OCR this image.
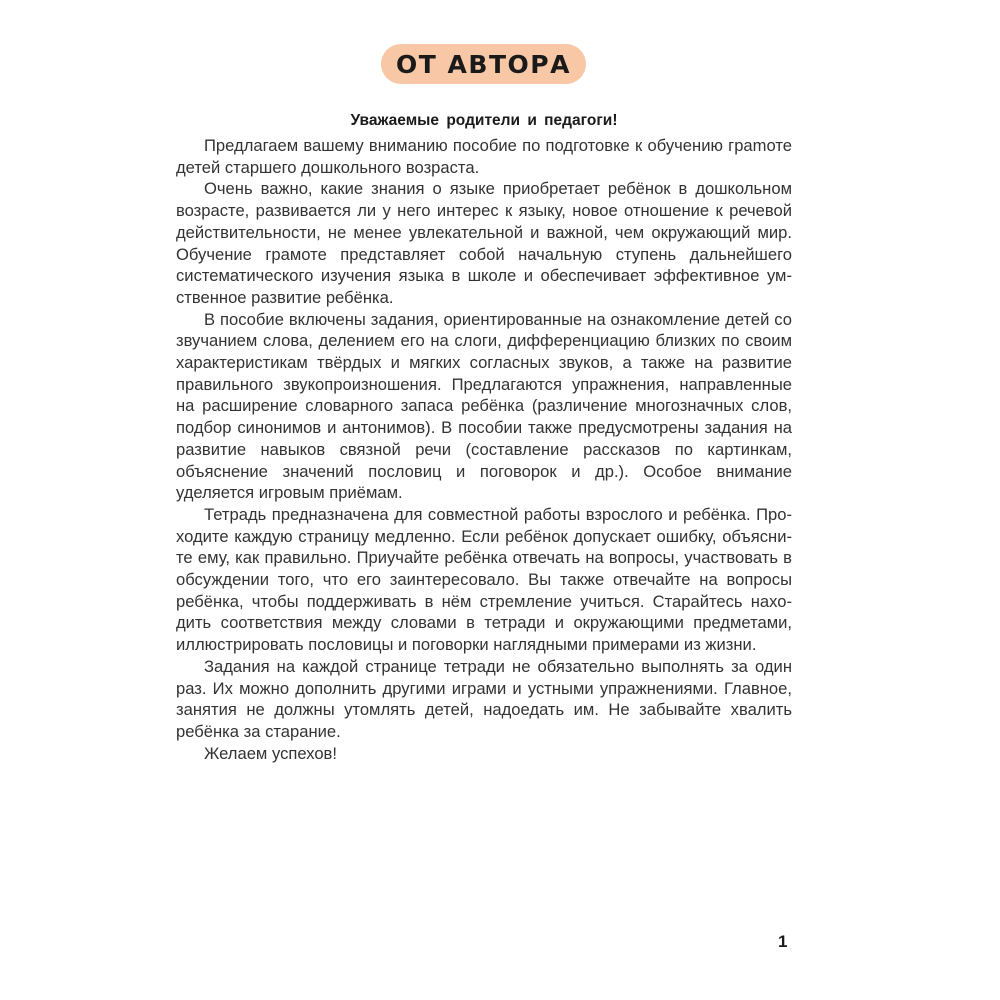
ОТ АВТОРА
Уважаемые родители и педагоги!

Предлагаем вашему вниманию пособие по подготовке к обучению граmоте детей старшего дошкольного возраста.

Очень важно, какие знания о языке приобретает ребёнок в дошкольном возрасте, развивается ли у него интерес к языку, новое отношение к речевой действительности, не менее увлекательной и важной, чем окружающий мир. Обучение грамоте представляет собой начальную ступень дальнейшего систематического изучения языка в школе и обеспечивает эффективное умственное развитие ребёнка.

В пособие включены задания, ориентированные на ознакомление детей со звучанием слова, делением его на слоги, дифференциацию близких по своим характеристикам твёрдых и мягких согласных звуков, а также на развитие правильного звукопроизношения. Предлагаются упражнения, направленные на расширение словарного запаса ребёнка (различение многозначных слов, подбор синонимов и антонимов). В пособии также предусмотрены задания на развитие навыков связной речи (составление рассказов по картинкам, объяснение значений пословиц и поговорок и др.). Особое внимание уделяется игровым приёмам.

Тетрадь предназначена для совместной работы взрослого и ребёнка. Проходите каждую страницу медленно. Если ребёнок допускает ошибку, объясните ему, как правильно. Приучайте ребёнка отвечать на вопросы, участвовать в обсуждении того, что его заинтересовало. Вы также отвечайте на вопросы ребёнка, чтобы поддерживать в нём стремление учиться. Старайтесь находить соответствия между словами в тетради и окружающими предметами, иллюстрировать пословицы и поговорки наглядными примерами из жизни.

Задания на каждой странице тетради не обязательно выполнять за один раз. Их можно дополнить другими играми и устными упражнениями. Главное, занятия не должны утомлять детей, надоедать им. Не забывайте хвалить ребёнка за старание.

Желаем успехов!

1
